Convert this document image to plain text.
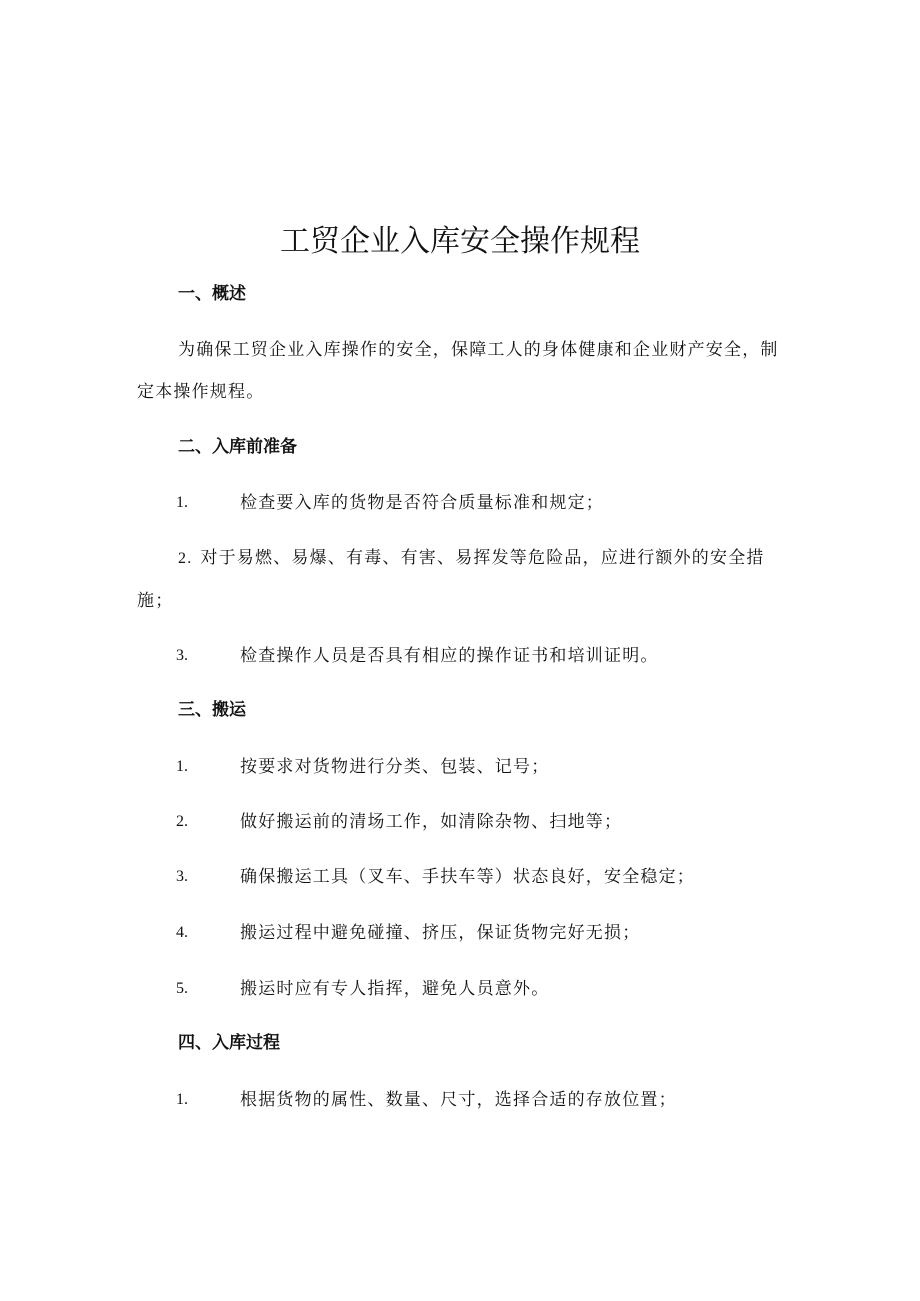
工贸企业入库安全操作规程
一、概述
为确保工贸企业入库操作的安全，保障工人的身体健康和企业财产安全，制定本操作规程。
二、入库前准备
1.	检查要入库的货物是否符合质量标准和规定；
2. 对于易燃、易爆、有毒、有害、易挥发等危险品，应进行额外的安全措施；
3.	检查操作人员是否具有相应的操作证书和培训证明。
三、搬运
1.	按要求对货物进行分类、包装、记号；
2.	做好搬运前的清场工作，如清除杂物、扫地等；
3.	确保搬运工具（叉车、手扶车等）状态良好，安全稳定；
4.	搬运过程中避免碰撞、挤压，保证货物完好无损；
5.	搬运时应有专人指挥，避免人员意外。
四、入库过程
1.	根据货物的属性、数量、尺寸，选择合适的存放位置；
